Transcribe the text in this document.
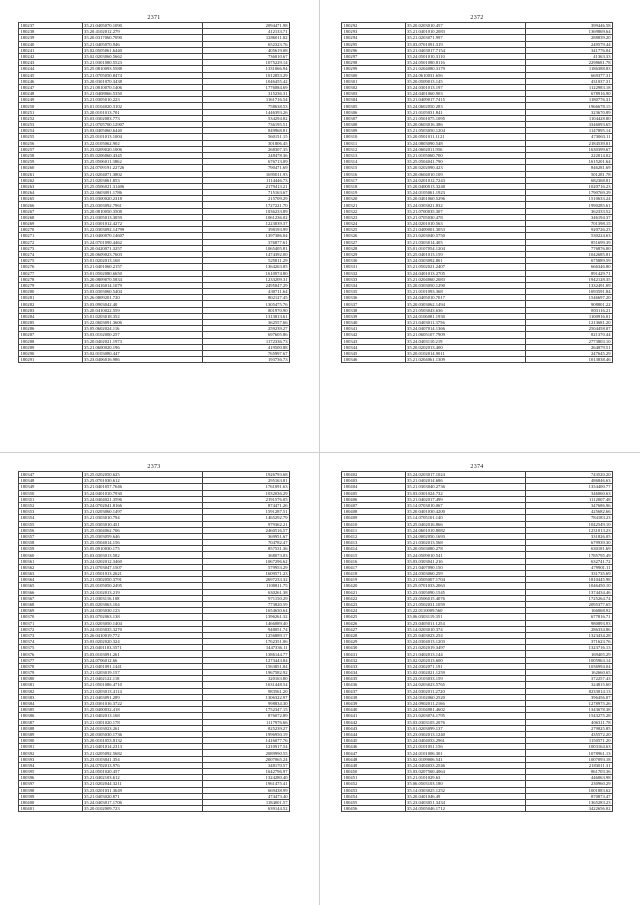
2371
180237	35.21.0405070.1090	2094471.98
180238	35.20.4102012.279	412133.71
180239	35.20.0317060.7090	1286011.82
180240	35.21.0405070.946	652323.76
180241	35.02.0505061.6440	405619.08
180242	35.02.0203060.5662	736010.67
180243	35.21.0301080.5523	1075229.14
180244	35.25.0810093.5588	1331066.94
180245	35.21.0705050.8474	1012853.29
180246	35.20.0301070.3438	1046455.42
180247	35.21.0810070.1406	1776084.69
180248	35.21.0408066.5350	315236.31
180249	35.21.0305010.223	1161716.54
180250	35.01.0104020.3102	758638.53
180251	35.20.0101013.701	1446393.26
180252	35.03.0302083.773	534294.82
180253	35.21.0705700.12907	736195.51
180254	35.03.0405060.6440	849968.81
180255	35.25.0101013.1004	560151.15
180256	35.22.0105062.902	301806.45
180257	35.23.0209020.1006	268307.35
180258	35.05.0206060.4345	248478.36
180259	35.25.0506011.3862	676713.09
180260	35.24.0709191.22726	790471.69
180261	35.21.0204071.3802	1695011.93
180262	35.21.0203061.853	1114446.73
180263	35.25.0506021.31406	2179413.21
180264	35.22.0603091.1786	715163.67
180265	35.03.0300020.2318	215709.29
180266	35.23.0303092.7961	1727221.70
180267	35.20.0810050.3508	1036233.89
180268	35.21.0305013.3059	1061236.02
180269	35.21.0301012.4272	1223039.37
180270	35.22.0303092.14799	398193.99
180271	35.21.0400070.14607	1397386.04
180272	35.24.0701090.4462	376877.61
180273	35.20.0420071.3257	1065405.81
180274	35.20.0609023.7603	1474392.00
180275	35.01.0202013.168	525811.29
180276	35.21.0401060.2157	1364263.85
180277	35.01.0502080.6650	1610974.80
180278	35.20.0809070.5834	1233209.31
180279	35.20.0416014.1079	2495047.29
180280	35.03.0303060.5404	430711.64
180281	35.26.0809201.720	802127.45
180282	35.03.0903042.40	1305475.76
180283	35.20.0410022.559	801970.90
180284	35.01.0203018.352	1313813.61
180285	35.22.0603091.3606	362557.66
180286	35.05.0602024.116	259239.27
180287	35.03.0102000.257	697605.86
180288	35.20.0402021.1973	1172336.73
180289	35.21.0600020.196	419500.88
180290	35.02.0103080.447	765997.67
180291	35.23.0406016.986	193736.73
2372
180292	35.20.0203010.457	399446.58
180293	35.21.0401010.2083	1369869.64
180294	35.21.0203071.997	288839.20
180295	35.03.0701091.319	249579.44
180296	35.21.0403017.7154	341776.04
180297	35.24.0501010.3110	41363.33
180298	35.24.0501080.8116	2298681.78
180299	35.21.0204080.3179	1186388.83
180300	35.24.0610031.656	669377.31
180301	35.20.0509013.145	431037.31
180302	35.24.0301013.197	1122983.18
180303	35.24.0401060.903	678916.90
180304	35.21.0409017.7415	1180776.31
180305	35.24.0602050.283	1966678.15
180306	35.21.0105031.841	323670.89
180307	35.21.0501075.1095	1104428.80
180308	35.20.0603016.386	3346093.65
180309	35.21.0503050.1204	1147895.14
180310	35.20.0501011.1121	473063.11
180311	35.24.0803090.548	2184539.01
180312	35.24.0602011.956	1630399.67
180313	35.21.0105060.700	222014.02
180314	35.25.0504041.790	1615201.64
180315	35.20.0202090.423	846281.69
180316	35.20.0604010.109	501281.78
180317	35.24.0201012.7243	682368.81
180318	35.20.0400013.3248	1020716.23
180319	35.24.0105061.1923	1790769.29
180320	35.20.0401060.5296	1510633.24
180321	35.24.0303021.832	1990285.61
180322	35.21.0700035.307	362333.52
180323	35.21.0705030.478	346194.37
180324	35.24.0201010.563	701398.15
180325	35.21.0409001.3053	920726.23
180326	35.21.0203040.5750	530224.63
180327	35.21.0303014.405	851699.39
180328	35.01.0107054.1204	776876.00
180329	35.25.0401013.159	1042685.81
180330	35.24.0303092.861	675889.59
180331	35.21.0502021.2407	666346.80
180332	35.24.0401013.2705	891429.71
180333	35.21.0204060.2083	1942128.35
180334	35.20.0303050.1290	1332491.09
180335	35.21.0101093.368	1693591.84
180336	35.24.0405010.7017	1546697.20
180337	35.20.0303062.1494	908801.22
180338	35.21.0503043.636	803116.21
180339	35.24.0106081.1930	1100916.01
180340	35.21.0403011.3756	1213681.20
180341	35.24.0407014.1366	2504458.07
180342	35.21.0605107.7909	821370.44
180343	35.24.0403110.219	2773803.10
180344	35.20.0202013.400	264879.51
180345	35.20.0102014.9011	247645.29
180346	35.21.0204061.1309	1013838.46
2373
180347	35.25.0202050.625	1926793.68
180348	35.25.0701030.612	295163.81
180349	35.21.0401057.7646	1761091.63
180350	35.24.0401010.7930	1032036.29
180351	35.24.0404021.3596	2191576.05
180352	35.24.0702041.8166	874471.26
180353	35.21.0203060.1497	1591287.51
180354	35.21.0303010.794	1465292.79
180355	35.25.0303010.451	979362.21
180356	35.25.0304062.706	2460516.57
180357	35.25.0303059.646	369951.67
180358	35.25.0504014.156	704782.47
180359	35.05.0910030.175	857531.36
180360	35.03.0303013.582	368073.03
180361	35.24.0202012.3460	1067296.62
180362	35.21.0703047.1507	579953.29
180363	35.21.0501013.2621	1609571.23
180364	35.21.0302050.3791	2697233.32
180365	35.25.0105050.2495	1100811.75
180366	35.24.0102013.219	630261.38
180367	35.21.0303116.108	971150.29
180368	35.05.0203063.104	773820.59
180369	35.24.0303030.123	1654630.64
180370	35.03.0702063.138	1396261.32
180371	35.21.0203050.1404	1466089.40
180372	35.24.0103035.3270	948051.74
180373	35.26.0410019.772	1256889.17
180374	35.03.0202020.324	1762351.06
180375	35.23.0401103.3571	1447336.11
180376	35.03.0103091.261	1386144.77
180377	35.24.0706012.66	1273443.84
180378	35.21.0401091.1441	1563851.84
180379	35.21.0203019.157	1967582.92
180380	35.21.0402122.118	320163.80
180381	35.21.0501086.4710	1631448.54
180382	35.21.0203013.4114	983561.20
180383	35.21.0403091.289	1306322.97
180384	35.23.0301016.3722	998834.30
180385	35.25.0400032.418	1752347.15
180386	35.21.0402013.168	876072.89
180387	35.21.0301020.178	1117976.66
180388	35.24.0103023.261	825239.27
180389	35.20.0305030.1736	1996950.19
180390	35.20.0101053.8132	1416077.76
180391	35.21.0401014.2313	1210917.54
180392	35.21.0205092.5682	2089990.55
180393	35.23.0103041.354	2007065.24
180394	35.24.0702013.976	348170.57
180395	35.24.0501020.457	1642796.97
180396	35.21.0402103.612	1324280.40
180397	35.21.0202044.3211	1961475.41
180398	35.23.0201031.3649	669438.99
180399	35.21.0403020.871	474473.40
180400	35.24.0403017.1706	1184001.57
180401	35.20.0102009.723	639144.52
2374
180402	35.24.0203017.1024	743520.20
180403	35.21.0402014.686	486846.63
180404	35.21.0303040.2736	1354400.77
180405	35.03.0301024.732	346060.63
180406	35.21.0402017.499	1112007.48
180407	35.14.0703010.067	347686.96
180408	35.20.0401030.4200	425682.66
180409	35.14.0705101.140	784183.23
180410	35.25.0402016.866	1042549.10
180411	35.24.0601010.8082	1231013.23
180412	35.24.0002050.1693	331826.05
180413	35.21.0302013.568	679939.30
180414	35.20.0503080.278	630181.69
180415	35.24.0509010.541	1785795.49
180416	35.03.0303041.216	632741.72
180417	35.21.0407090.150	479901.11
180418	35.24.0303060.259	331735.69
180419	35.21.0505007.1704	1810445.98
180420	35.25.0701033.2063	1046450.10
180421	35.23.0305090.1545	1374434.46
180422	35.23.0506015.4076	1725264.74
180423	35.21.0502031.1059	2095377.65
180424	35.22.0110009.560	166068.92
180425	35.06.0303119.351	677816.71
180426	35.23.0405011.1254	980893.93
180427	35.14.0203010.374	286334.86
180428	35.25.0403023.254	1323434.28
180429	35.24.0304013.1203	371623.76
180430	35.21.0202019.3497	1323716.13
180431	35.21.0402013.144	169405.29
180432	35.02.0202013.600	1005963.14
180433	35.24.0302071.191	1036994.04
180434	35.02.0302021.1259	162660.65
180435	35.23.0103033.159	372257.43
180436	35.24.0203023.5765	324815.60
180437	35.24.0302011.2720	8233014.13
180438	35.24.0102060.2520	396456.07
180439	35.24.0902011.2166	1278975.26
180440	35.24.0104081.4602	1343678.38
180441	35.21.0203074.1795	1543275.28
180442	35.03.0303105.2076	406311.78
180443	35.01.0203099.137	279825.85
180444	35.23.0302013.1240	435572.20
180445	35.24.0404033.2961	1150571.20
180446	35.21.0101051.156	1003164.63
180447	35.24.0101006.301	1078961.13
180448	35.02.0109006.541	1007093.18
180449	35.24.0404033.2546	2183011.31
180450	35.03.0207560.4064	861703.36
180451	35.21.0101029.63	446063.98
180452	35.06.0503103.180	230960.29
180453	35.14.0303025.1252	1001883.62
180454	35.20.0401046.49	870873.47
180455	35.23.0403051.3434	1365283.23
180456	35.24.0505046.1712	3422656.02
